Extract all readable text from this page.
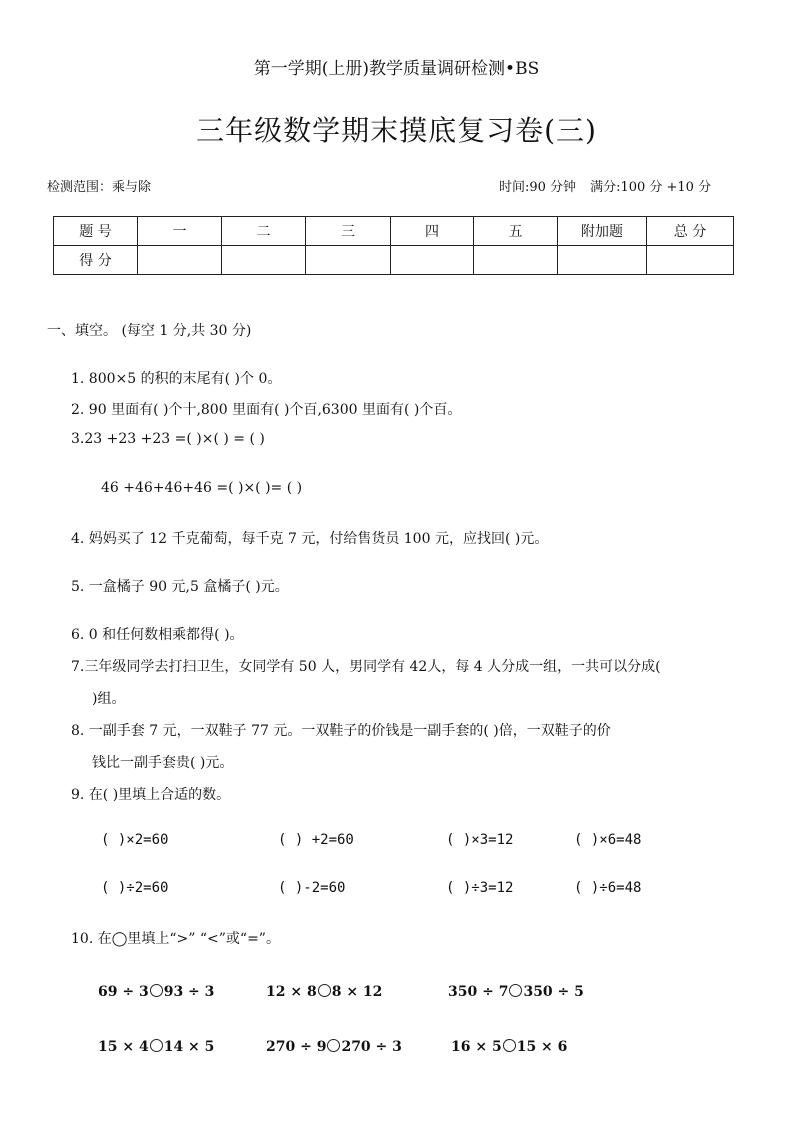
第一学期(上册)教学质量调研检测•BS
三年级数学期末摸底复习卷(三)
检测范围：乘与除	时间:90 分钟 满分:100 分 +10 分
题 号	一	二	三	四	五	附加题	总 分
得 分							
一、填空。 (每空 1 分,共 30 分)
1. 800×5 的积的末尾有( )个 0。
2. 90 里面有( )个十,800 里面有( )个百,6300 里面有( )个百。
3.23 +23 +23 =( )×( ) = ( )
46 +46+46+46 =( )×( )= ( )
4. 妈妈买了 12 千克葡萄，每千克 7 元，付给售货员 100 元，应找回( )元。
5. 一盒橘子 90 元,5 盒橘子( )元。
6. 0 和任何数相乘都得( )。
7.三年级同学去打扫卫生，女同学有 50 人，男同学有 42人，每 4 人分成一组，一共可以分成(
)组。
8. 一副手套 7 元，一双鞋子 77 元。一双鞋子的价钱是一副手套的( )倍，一双鞋子的价
钱比一副手套贵( )元。
9. 在( )里填上合适的数。
( )×2=60	( ) +2=60	( )×3=12	( )×6=48
( )÷2=60	( )-2=60	( )÷3=12	( )÷6=48
10. 在◯里填上“>” “<”或“=”。
69 ÷ 3 93 ÷ 3	12 × 8 8 × 12	350 ÷ 7 350 ÷ 5
15 × 4 14 × 5	270 ÷ 9 270 ÷ 3	16 × 5 15 × 6
